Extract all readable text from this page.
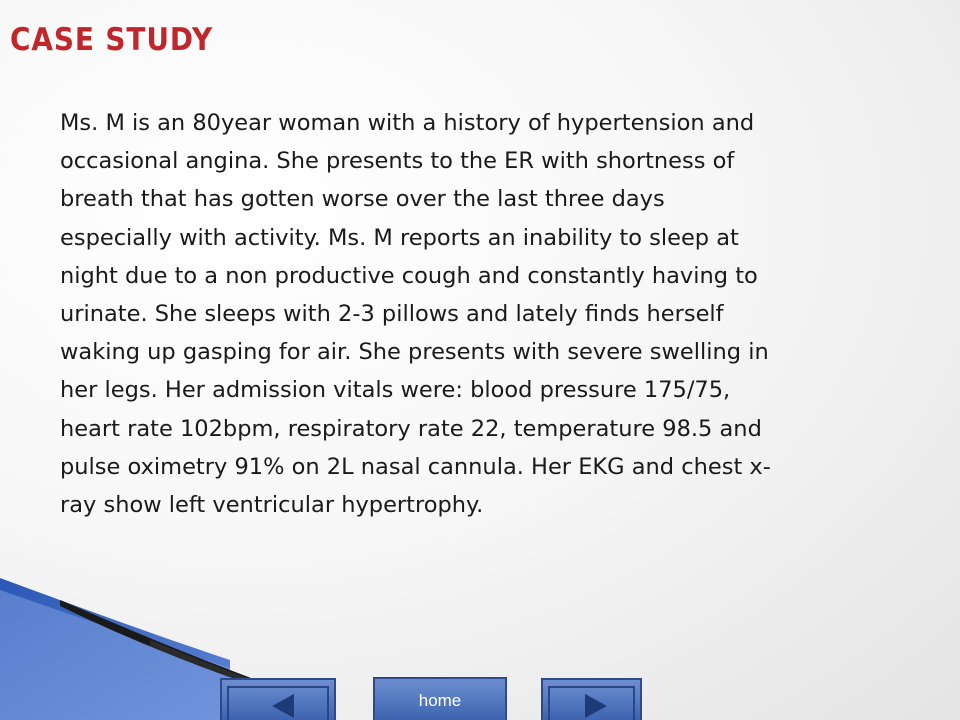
CASE STUDY

Ms. M is an 80year woman with a history of hypertension and
occasional angina. She presents to the ER with shortness of
breath that has gotten worse over the last three days
especially with activity. Ms. M reports an inability to sleep at
night due to a non productive cough and constantly having to
urinate. She sleeps with 2-3 pillows and lately finds herself
waking up gasping for air. She presents with severe swelling in
her legs. Her admission vitals were: blood pressure 175/75,
heart rate 102bpm, respiratory rate 22, temperature 98.5 and
pulse oximetry 91% on 2L nasal cannula. Her EKG and chest x-
ray show left ventricular hypertrophy.

home
